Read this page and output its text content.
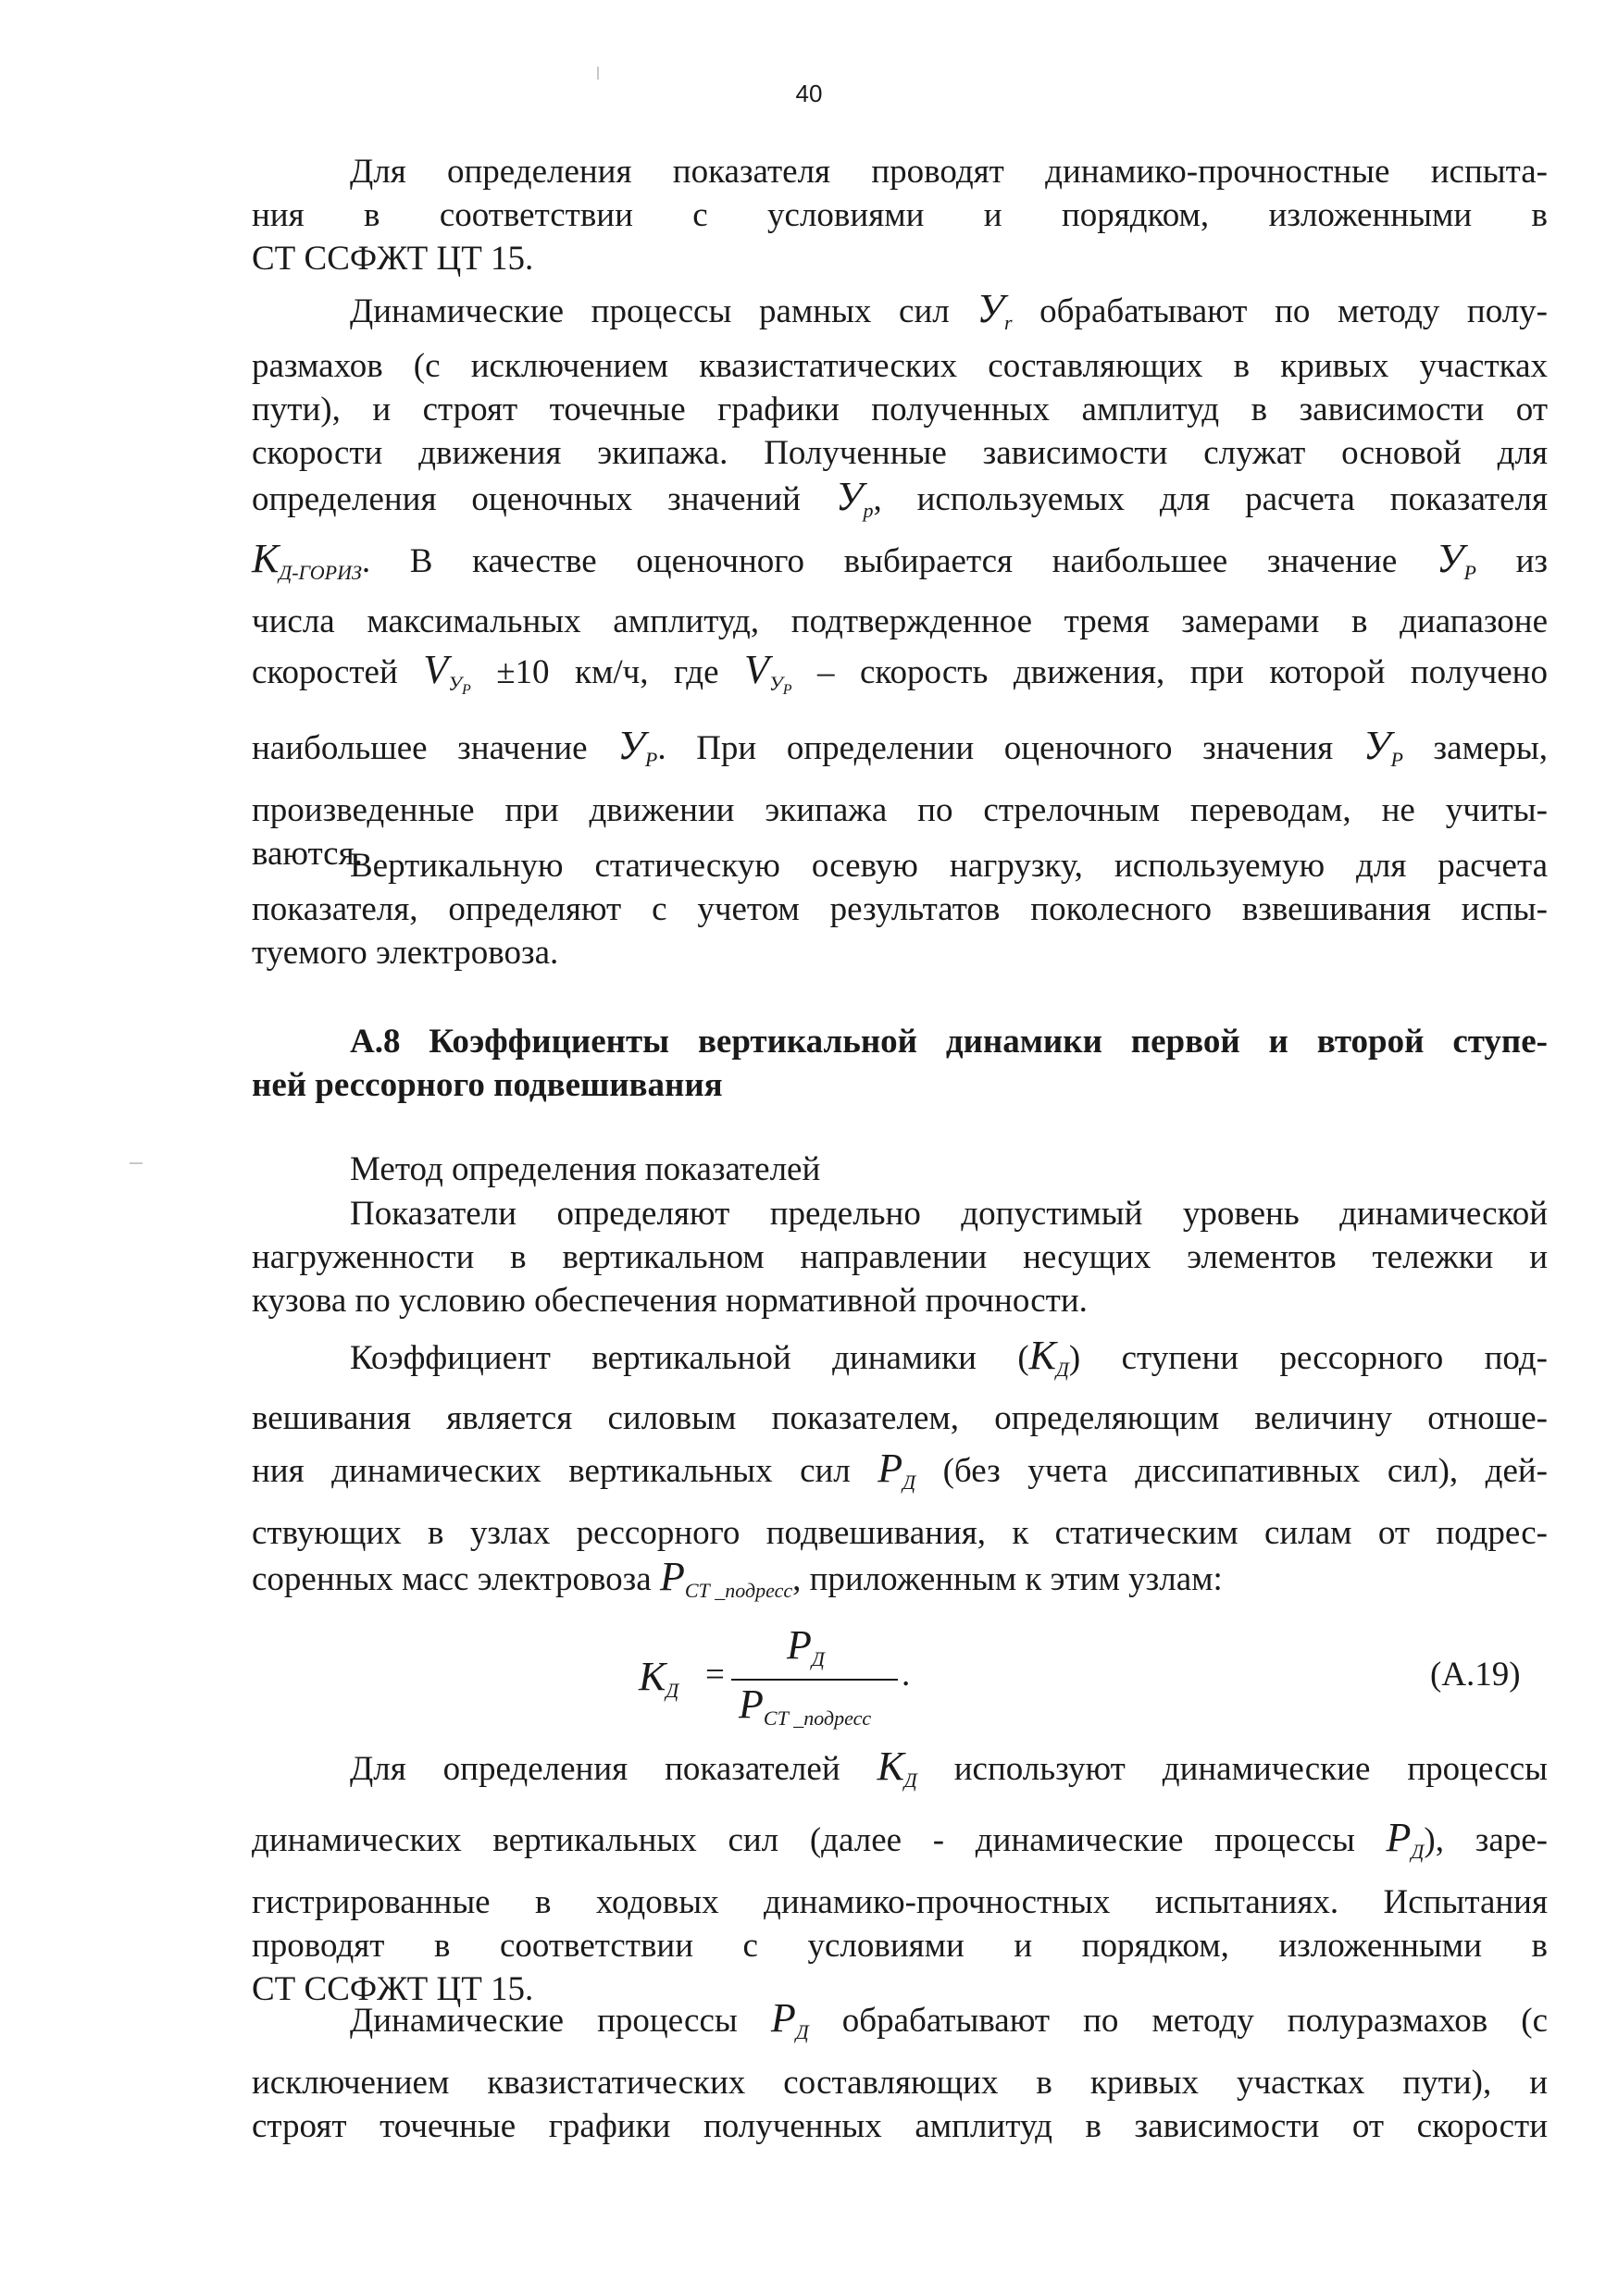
40
Для определения показателя проводят динамико-прочностные испыта-
ния в соответствии с условиями и порядком, изложенными в
СТ ССФЖТ ЦТ 15.
Динамические процессы рамных сил $У_r$ обрабатывают по методу полу-
размахов (с исключением квазистатических составляющих в кривых участках
пути), и строят точечные графики полученных амплитуд в зависимости от
скорости движения экипажа. Полученные зависимости служат основой для
определения оценочных значений $У_р$, используемых для расчета показателя
$К_{Д-ГОРИЗ}$. В качестве оценочного выбирается наибольшее значение $У_Р$ из
числа максимальных амплитуд, подтвержденное тремя замерами в диапазоне
скоростей $V_{УР} \pm 10$ км/ч, где $V_{УР}$ – скорость движения, при которой получено
наибольшее значение $У_Р$. При определении оценочного значения $У_Р$ замеры,
произведенные при движении экипажа по стрелочным переводам, не учиты-
ваются.
Вертикальную статическую осевую нагрузку, используемую для расчета
показателя, определяют с учетом результатов поколесного взвешивания испы-
туемого электровоза.
А.8 Коэффициенты вертикальной динамики первой и второй ступе-
ней рессорного подвешивания
Метод определения показателей
Показатели определяют предельно допустимый уровень динамической
нагруженности в вертикальном направлении несущих элементов тележки и
кузова по условию обеспечения нормативной прочности.
Коэффициент вертикальной динамики $(К_Д)$ ступени рессорного под-
вешивания является силовым показателем, определяющим величину отноше-
ния динамических вертикальных сил $Р_Д$ (без учета диссипативных сил), дей-
ствующих в узлах рессорного подвешивания, к статическим силам от подрес-
соренных масс электровоза $Р_{СТ \_подресс}$, приложенным к этим узлам:
$К_Д$ =
$Р_Д$
$Р_{СТ \_подресс}$
.	(А.19)
Для определения показателей $К_Д$ используют динамические процессы
динамических вертикальных сил (далее - динамические процессы $Р_Д$), заре-
гистрированные в ходовых динамико-прочностных испытаниях. Испытания
проводят в соответствии с условиями и порядком, изложенными в
СТ ССФЖТ ЦТ 15.
Динамические процессы $Р_Д$ обрабатывают по методу полуразмахов (с
исключением квазистатических составляющих в кривых участках пути), и
строят точечные графики полученных амплитуд в зависимости от скорости
